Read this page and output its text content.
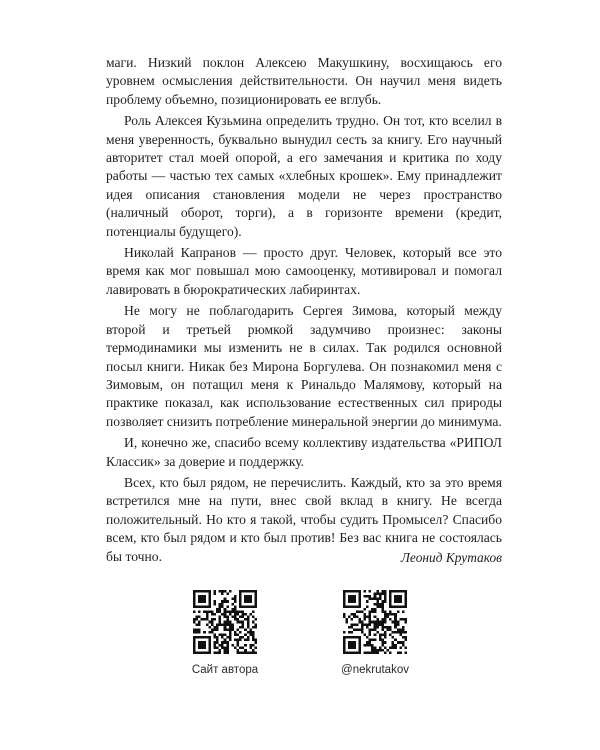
маги. Низкий поклон Алексею Макушкину, восхищаюсь его уровнем осмысления действительности. Он научил меня видеть проблему объемно, позиционировать ее вглубь.

Роль Алексея Кузьмина определить трудно. Он тот, кто вселил в меня уверенность, буквально вынудил сесть за книгу. Его научный авторитет стал моей опорой, а его замечания и критика по ходу работы — частью тех самых «хлебных крошек». Ему принадлежит идея описания становления модели не через пространство (наличный оборот, торги), а в горизонте времени (кредит, потенциалы будущего).

Николай Капранов — просто друг. Человек, который все это время как мог повышал мою самооценку, мотивировал и помогал лавировать в бюрократических лабиринтах.

Не могу не поблагодарить Сергея Зимова, который между второй и третьей рюмкой задумчиво произнес: законы термодинамики мы изменить не в силах. Так родился основной посыл книги. Никак без Мирона Боргулева. Он познакомил меня с Зимовым, он потащил меня к Ринальдо Малямову, который на практике показал, как использование естественных сил природы позволяет снизить потребление минеральной энергии до минимума.

И, конечно же, спасибо всему коллективу издательства «РИПОЛ Классик» за доверие и поддержку.

Всех, кто был рядом, не перечислить. Каждый, кто за это время встретился мне на пути, внес свой вклад в книгу. Не всегда положительный. Но кто я такой, чтобы судить Промысел? Спасибо всем, кто был рядом и кто был против! Без вас книга не состоялась бы точно.	Леонид Крутаков
Сайт автора	@nekrutakov
